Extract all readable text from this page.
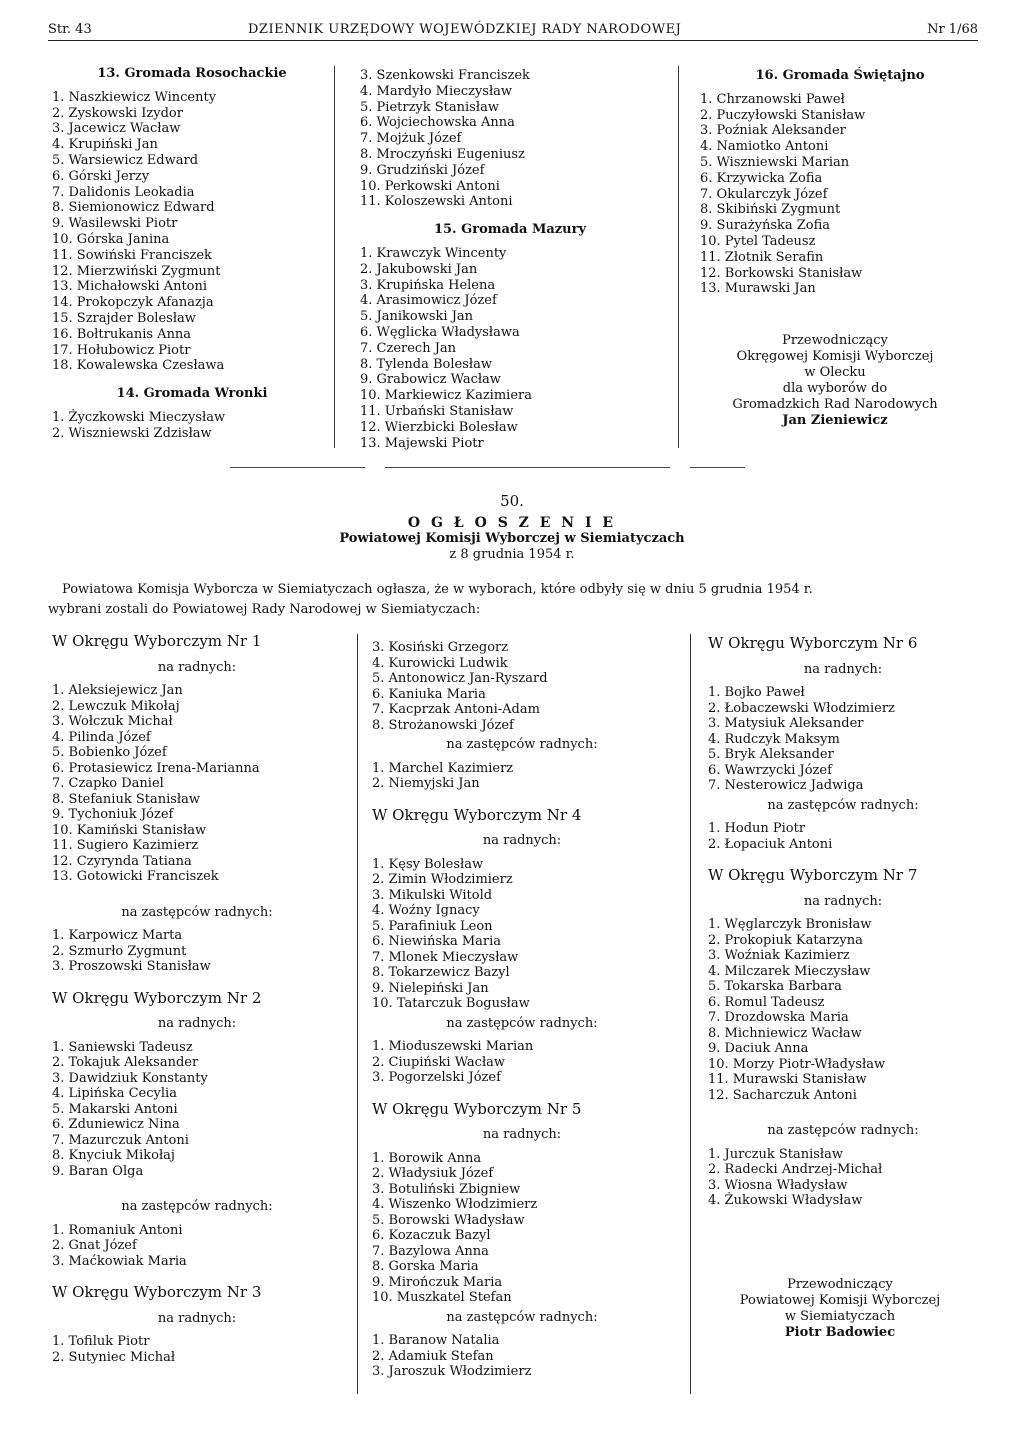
Str. 43	DZIENNIK URZĘDOWY WOJEWÓDZKIEJ RADY NARODOWEJ	Nr 1/68
13. Gromada Rosochackie
1. Naszkiewicz Wincenty
2. Zyskowski Izydor
3. Jacewicz Wacław
4. Krupiński Jan
5. Warsiewicz Edward
6. Górski Jerzy
7. Dalidonis Leokadia
8. Siemionowicz Edward
9. Wasilewski Piotr
10. Górska Janina
11. Sowiński Franciszek
12. Mierzwiński Zygmunt
13. Michałowski Antoni
14. Prokopczyk Afanazja
15. Szrajder Bolesław
16. Bołtrukanis Anna
17. Hołubowicz Piotr
18. Kowalewska Czesława
14. Gromada Wronki
1. Życzkowski Mieczysław
2. Wiszniewski Zdzisław
3. Szenkowski Franciszek
4. Mardyło Mieczysław
5. Pietrzyk Stanisław
6. Wojciechowska Anna
7. Mojżuk Józef
8. Mroczyński Eugeniusz
9. Grudziński Józef
10. Perkowski Antoni
11. Koloszewski Antoni
15. Gromada Mazury
1. Krawczyk Wincenty
2. Jakubowski Jan
3. Krupińska Helena
4. Arasimowicz Józef
5. Janikowski Jan
6. Węglicka Władysława
7. Czerech Jan
8. Tylenda Bolesław
9. Grabowicz Wacław
10. Markiewicz Kazimiera
11. Urbański Stanisław
12. Wierzbicki Bolesław
13. Majewski Piotr
16. Gromada Świętajno
1. Chrzanowski Paweł
2. Puczyłowski Stanisław
3. Poźniak Aleksander
4. Namiotko Antoni
5. Wiszniewski Marian
6. Krzywicka Zofia
7. Okularczyk Józef
8. Skibiński Zygmunt
9. Surażyńska Zofia
10. Pytel Tadeusz
11. Złotnik Serafin
12. Borkowski Stanisław
13. Murawski Jan
Przewodniczący
Okręgowej Komisji Wyborczej
w Olecku
dla wyborów do
Gromadzkich Rad Narodowych
Jan Zieniewicz
50.
O G Ł O S Z E N I E
Powiatowej Komisji Wyborczej w Siemiatyczach
z 8 grudnia 1954 r.
Powiatowa Komisja Wyborcza w Siemiatyczach ogłasza, że w wyborach, które odbyły się w dniu 5 grudnia 1954 r.
wybrani zostali do Powiatowej Rady Narodowej w Siemiatyczach:
W Okręgu Wyborczym Nr 1
na radnych:
1. Aleksiejewicz Jan
2. Lewczuk Mikołaj
3. Wołczuk Michał
4. Pilinda Józef
5. Bobienko Józef
6. Protasiewicz Irena-Marianna
7. Czapko Daniel
8. Stefaniuk Stanisław
9. Tychoniuk Józef
10. Kamiński Stanisław
11. Sugiero Kazimierz
12. Czyrynda Tatiana
13. Gotowicki Franciszek
na zastępców radnych:
1. Karpowicz Marta
2. Szmurło Zygmunt
3. Proszowski Stanisław
W Okręgu Wyborczym Nr 2
na radnych:
1. Saniewski Tadeusz
2. Tokajuk Aleksander
3. Dawidziuk Konstanty
4. Lipińska Cecylia
5. Makarski Antoni
6. Zduniewicz Nina
7. Mazurczuk Antoni
8. Knyciuk Mikołaj
9. Baran Olga
na zastępców radnych:
1. Romaniuk Antoni
2. Gnat Józef
3. Maćkowiak Maria
W Okręgu Wyborczym Nr 3
na radnych:
1. Tofiluk Piotr
2. Sutyniec Michał
3. Kosiński Grzegorz
4. Kurowicki Ludwik
5. Antonowicz Jan-Ryszard
6. Kaniuka Maria
7. Kacprzak Antoni-Adam
8. Strożanowski Józef
na zastępców radnych:
1. Marchel Kazimierz
2. Niemyjski Jan
W Okręgu Wyborczym Nr 4
na radnych:
1. Kęsy Bolesław
2. Zimin Włodzimierz
3. Mikulski Witold
4. Woźny Ignacy
5. Parafiniuk Leon
6. Niewińska Maria
7. Mlonek Mieczysław
8. Tokarzewicz Bazyl
9. Nielepiński Jan
10. Tatarczuk Bogusław
na zastępców radnych:
1. Mioduszewski Marian
2. Ciupiński Wacław
3. Pogorzelski Józef
W Okręgu Wyborczym Nr 5
na radnych:
1. Borowik Anna
2. Władysiuk Józef
3. Botuliński Zbigniew
4. Wiszenko Włodzimierz
5. Borowski Władysław
6. Kozaczuk Bazyl
7. Bazylowa Anna
8. Gorska Maria
9. Mirończuk Maria
10. Muszkatel Stefan
na zastępców radnych:
1. Baranow Natalia
2. Adamiuk Stefan
3. Jaroszuk Włodzimierz
W Okręgu Wyborczym Nr 6
na radnych:
1. Bojko Paweł
2. Łobaczewski Włodzimierz
3. Matysiuk Aleksander
4. Rudczyk Maksym
5. Bryk Aleksander
6. Wawrzycki Józef
7. Nesterowicz Jadwiga
na zastępców radnych:
1. Hodun Piotr
2. Łopaciuk Antoni
W Okręgu Wyborczym Nr 7
na radnych:
1. Węglarczyk Bronisław
2. Prokopiuk Katarzyna
3. Woźniak Kazimierz
4. Milczarek Mieczysław
5. Tokarska Barbara
6. Romul Tadeusz
7. Drozdowska Maria
8. Michniewicz Wacław
9. Daciuk Anna
10. Morzy Piotr-Władysław
11. Murawski Stanisław
12. Sacharczuk Antoni
na zastępców radnych:
1. Jurczuk Stanisław
2. Radecki Andrzej-Michał
3. Wiosna Władysław
4. Żukowski Władysław
Przewodniczący
Powiatowej Komisji Wyborczej
w Siemiatyczach
Piotr Badowiec
